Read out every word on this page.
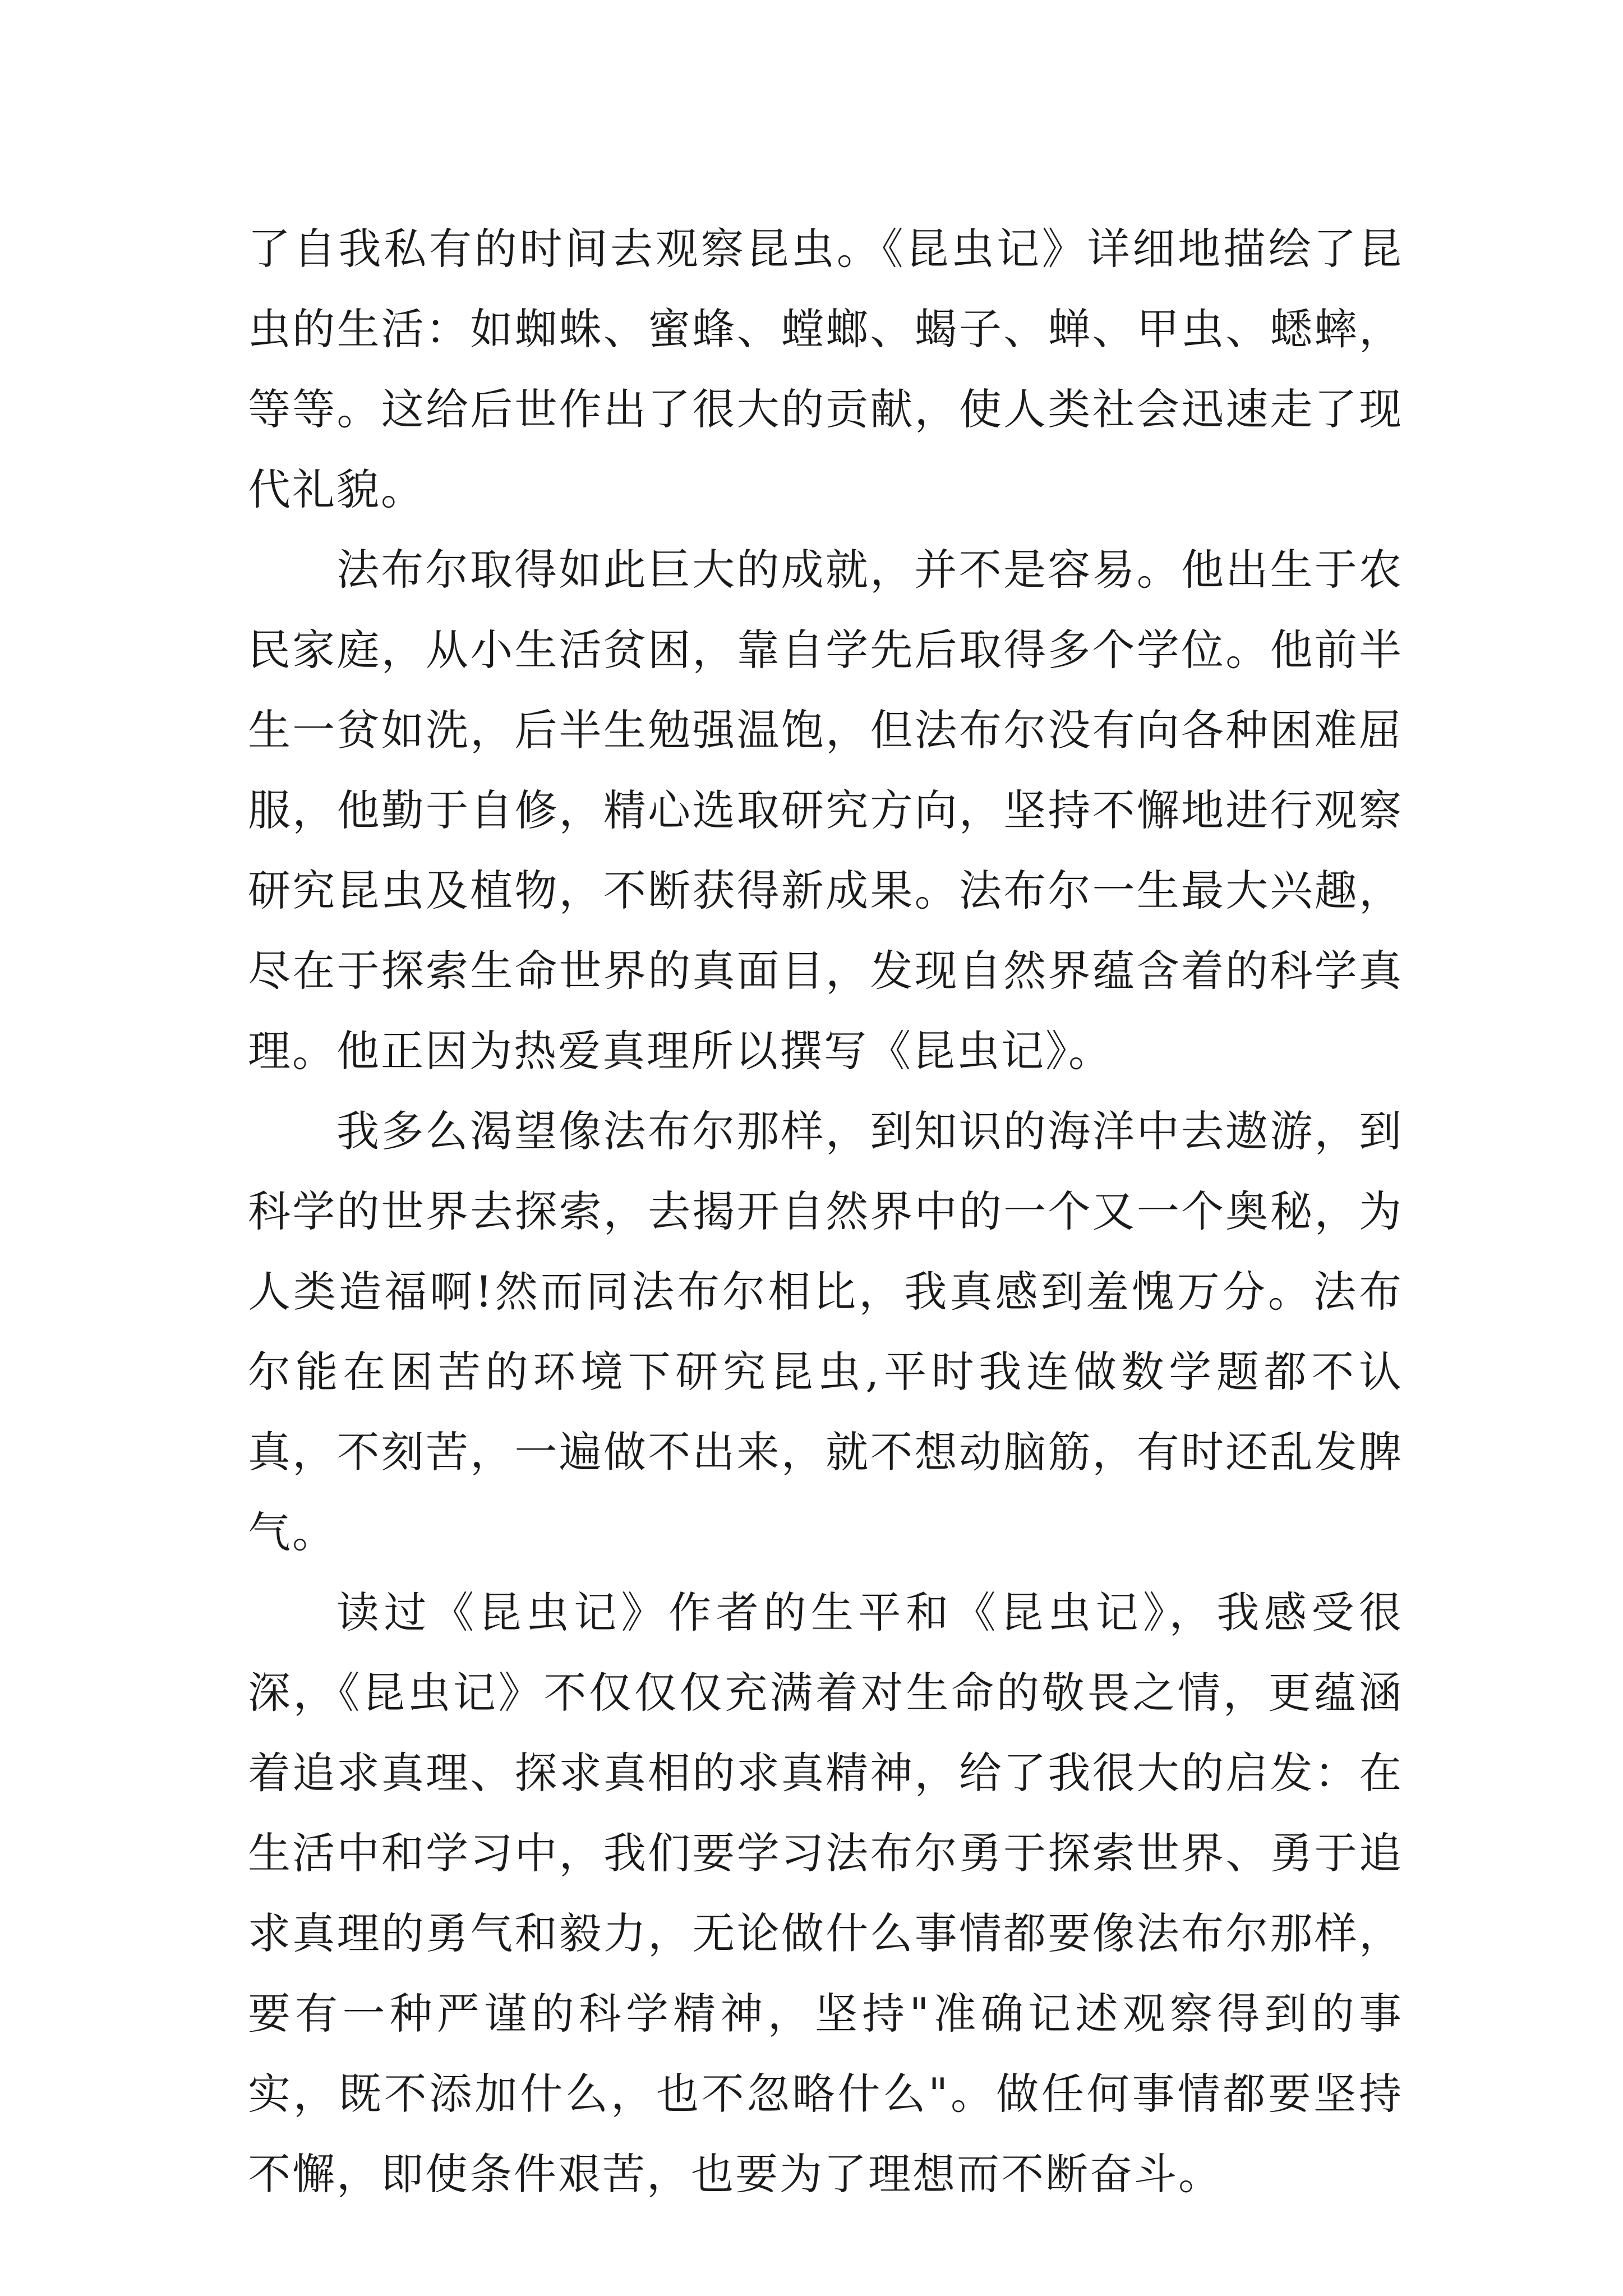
了自我私有的时间去观察昆虫。《昆虫记》详细地描绘了昆虫的生活：如蜘蛛、蜜蜂、螳螂、蝎子、蝉、甲虫、蟋蟀，等等。这给后世作出了很大的贡献，使人类社会迅速走了现代礼貌。

法布尔取得如此巨大的成就，并不是容易。他出生于农民家庭，从小生活贫困，靠自学先后取得多个学位。他前半生一贫如洗，后半生勉强温饱，但法布尔没有向各种困难屈服，他勤于自修，精心选取研究方向，坚持不懈地进行观察研究昆虫及植物，不断获得新成果。法布尔一生最大兴趣，尽在于探索生命世界的真面目，发现自然界蕴含着的科学真理。他正因为热爱真理所以撰写《昆虫记》。

我多么渴望像法布尔那样，到知识的海洋中去遨游，到科学的世界去探索，去揭开自然界中的一个又一个奥秘，为人类造福啊!然而同法布尔相比，我真感到羞愧万分。法布尔能在困苦的环境下研究昆虫,平时我连做数学题都不认真，不刻苦，一遍做不出来，就不想动脑筋，有时还乱发脾气。

读过《昆虫记》作者的生平和《昆虫记》，我感受很深，《昆虫记》不仅仅仅充满着对生命的敬畏之情，更蕴涵着追求真理、探求真相的求真精神，给了我很大的启发：在生活中和学习中，我们要学习法布尔勇于探索世界、勇于追求真理的勇气和毅力，无论做什么事情都要像法布尔那样，要有一种严谨的科学精神，坚持"准确记述观察得到的事实，既不添加什么，也不忽略什么"。做任何事情都要坚持不懈，即使条件艰苦，也要为了理想而不断奋斗。
